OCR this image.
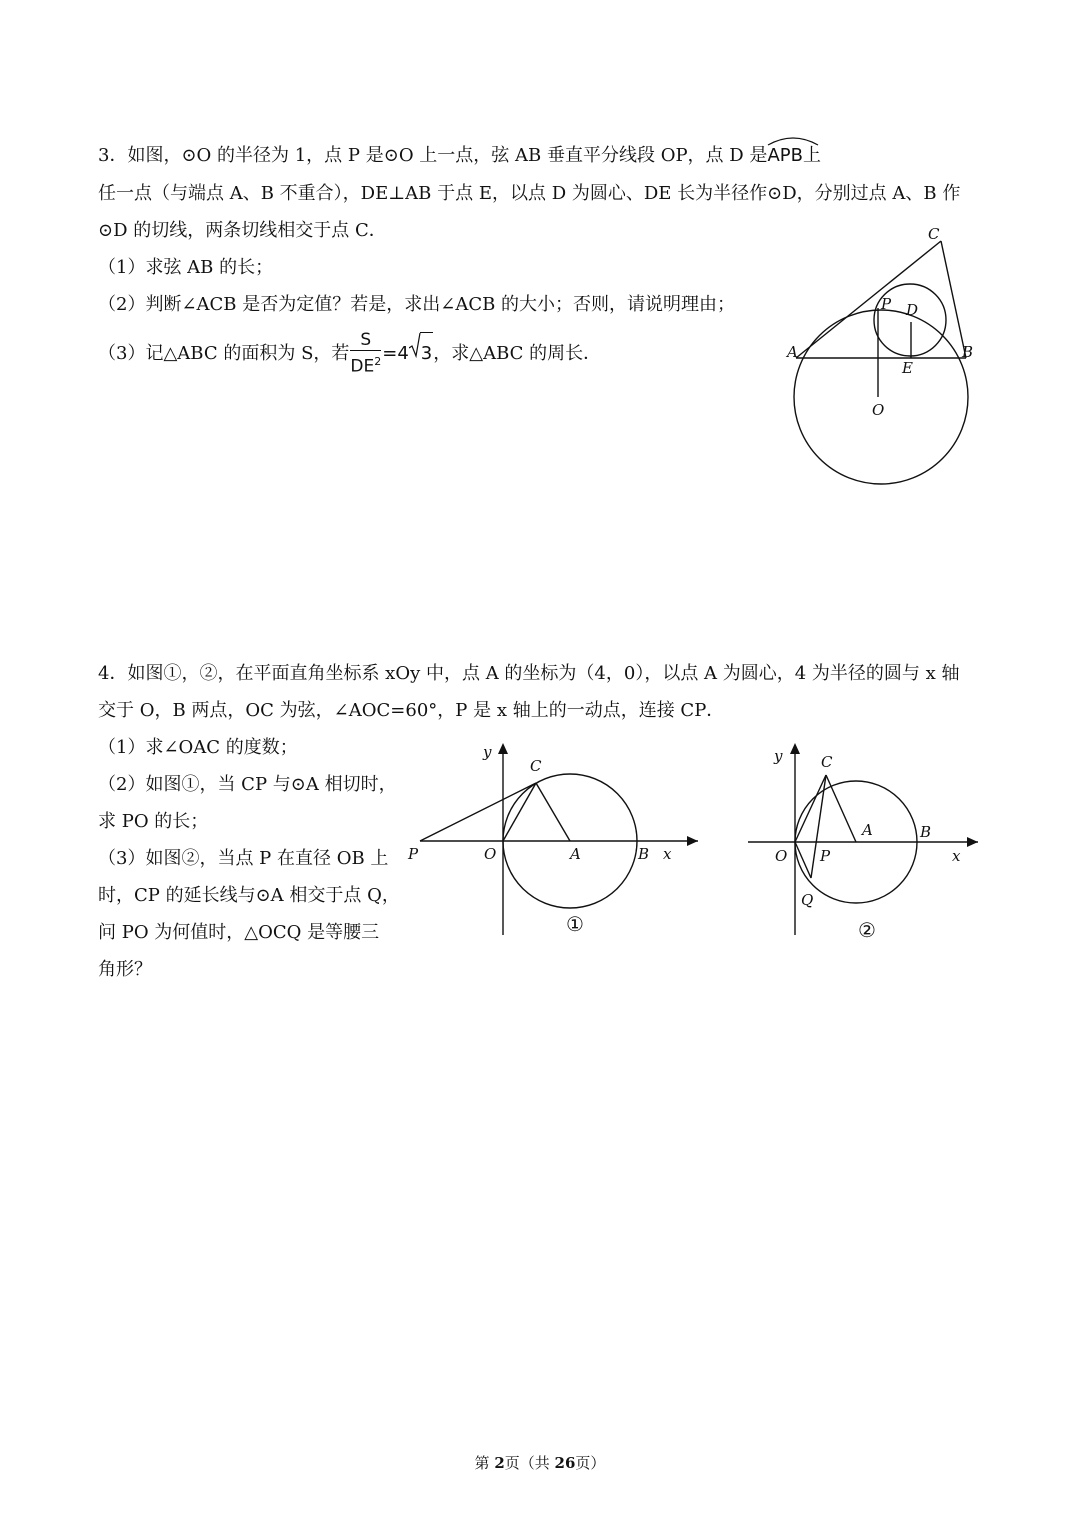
3．如图，⊙O 的半径为 1，点 P 是⊙O 上一点，弦 AB 垂直平分线段 OP，点 D 是
APB上
任一点（与端点 A、B 不重合），DE⊥AB 于点 E，以点 D 为圆心、DE 长为半径作⊙D，分别过点 A、B 作
⊙D 的切线，两条切线相交于点 C．
（1）求弦 AB 的长；
（2）判断∠ACB 是否为定值？若是，求出∠ACB 的大小；否则，请说明理由；
（3）记△ABC 的面积为 S，若 $\frac{S}{DE^2} =4$ 3，求△ABC 的周长．
C
P D
A	B
E
O
4．如图①，②，在平面直角坐标系 xOy 中，点 A 的坐标为（4，0），以点 A 为圆心，4 为半径的圆与 x 轴
交于 O，B 两点，OC 为弦，∠AOC=60°，P 是 x 轴上的一动点，连接 CP．
（1）求∠OAC 的度数；
（2）如图①，当 CP 与⊙A 相切时，
求 PO 的长；
（3）如图②，当点 P 在直径 OB 上
时，CP 的延长线与⊙A 相交于点 Q，
问 PO 为何值时，△OCQ 是等腰三
角形？
y
C
P	O	A	B x
①
y	C
A	B
O P	x
Q
②
第 2页（共 26页）
